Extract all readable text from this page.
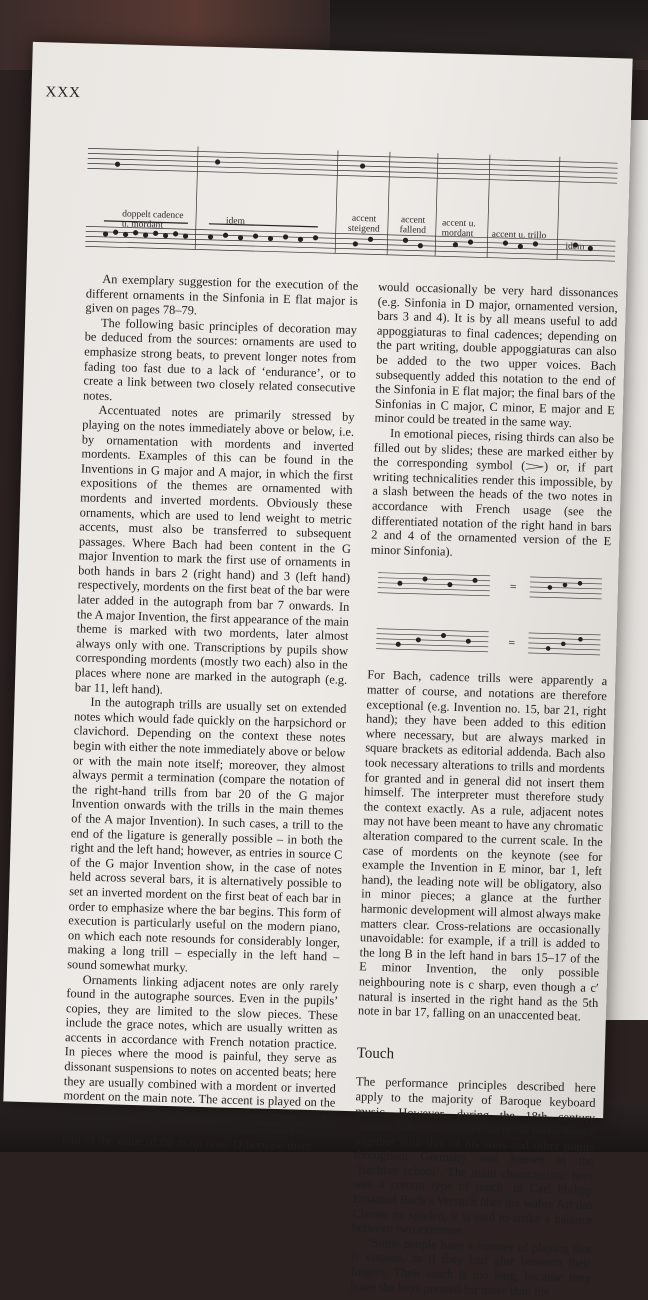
XXX
doppelt cadence u. mordant	idem	accent steigend
accent fallend
accent u. mordant	accent u. trillo
idem

An exemplary suggestion for the execution of the different ornaments in the Sinfonia in E flat major is given on pages 78–79.

The following basic principles of decoration may be deduced from the sources: ornaments are used to emphasize strong beats, to prevent longer notes from fading too fast due to a lack of ‘endurance’, or to create a link between two closely related consecutive notes.

Accentuated notes are primarily stressed by playing on the notes immediately above or below, i.e. by ornamentation with mordents and inverted mordents. Examples of this can be found in the Inventions in G major and A major, in which the first expositions of the themes are ornamented with mordents and inverted mordents. Obviously these ornaments, which are used to lend weight to metric accents, must also be transferred to subsequent passages. Where Bach had been content in the G major Invention to mark the first use of ornaments in both hands in bars 2 (right hand) and 3 (left hand) respectively, mordents on the first beat of the bar were later added in the autograph from bar 7 onwards. In the A major Invention, the first appearance of the main theme is marked with two mordents, later almost always only with one. Transcriptions by pupils show corresponding mordents (mostly two each) also in the places where none are marked in the autograph (e.g. bar 11, left hand).

In the autograph trills are usually set on extended notes which would fade quickly on the harpsichord or clavichord. Depending on the context these notes begin with either the note immediately above or below or with the main note itself; moreover, they almost always permit a termination (compare the notation of the right-hand trills from bar 20 of the G major Invention onwards with the trills in the main themes of the A major Invention). In such cases, a trill to the end of the ligature is generally possible – in both the right and the left hand; however, as entries in source C of the G major Invention show, in the case of notes held across several bars, it is alternatively possible to set an inverted mordent on the first beat of each bar in order to emphasize where the bar begins. This form of execution is particularly useful on the modern piano, on which each note resounds for considerably longer, making a long trill – especially in the left hand – sound somewhat murky.

Ornaments linking adjacent notes are only rarely found in the autographe sources. Even in the pupils’ copies, they are limited to the slow pieces. These include the grace notes, which are usually written as accents in accordance with French notation practice. In pieces where the mood is painful, they serve as dissonant suspensions to notes on accented beats; here they are usually combined with a mordent or inverted mordent on the main note. The accent is played on the beat. However, they are obviously not meant to be metrically exact, but to be played rather shorter than half of the value of the main note. Otherwise there

would occasionally be very hard dissonances (e.g. Sinfonia in D major, ornamented version, bars 3 and 4). It is by all means useful to add appoggiaturas to final cadences; depending on the part writing, double appoggiaturas can also be added to the two upper voices. Bach subsequently added this notation to the end of the Sinfonia in E flat major; the final bars of the Sinfonias in C major, C minor, E major and E minor could be treated in the same way.

In emotional pieces, rising thirds can also be filled out by slides; these are marked either by the corresponding symbol (𝆓) or, if part writing technicalities render this impossible, by a slash between the heads of the two notes in accordance with French usage (see the differentiated notation of the right hand in bars 2 and 4 of the ornamented version of the E minor Sinfonia).

=

=

For Bach, cadence trills were apparently a matter of course, and notations are therefore exceptional (e.g. Invention no. 15, bar 21, right hand); they have been added to this edition where necessary, but are always marked in square brackets as editorial addenda. Bach also took necessary alterations to trills and mordents for granted and in general did not insert them himself. The interpreter must therefore study the context exactly. As a rule, adjacent notes may not have been meant to have any chromatic alteration compared to the current scale. In the case of mordents on the keynote (see for example the Invention in E minor, bar 1, left hand), the leading note will be obligatory, also in minor pieces; a glance at the further harmonic development will almost always make matters clear. Cross-relations are occasionally unavoidable: for example, if a trill is added to the long B in the left hand in bars 15–17 of the E minor Invention, the only possible neighbouring note is c sharp, even though a c′ natural is inserted in the right hand as the 5th note in bar 17, falling on an unaccented beat.

Touch

The performance principles described here apply to the majority of Baroque keyboard music. However, during the 18th century Johann Sebastian Bach’s style of performance together with that of his sons and other pupils throughout Germany was known as the ‘Bachian school’. The main characteristic here was a certain type of touch. In Carl Philipp Emanuel Bach’s Versuch über die wahre Art das Clavier zu spielen, it is said to strike a balance between two extremes:

‘Some people have a manner of playing that is viscous, as if they had glue between their fingers. Their touch is too long, because they leave the keys pressed for more than the
